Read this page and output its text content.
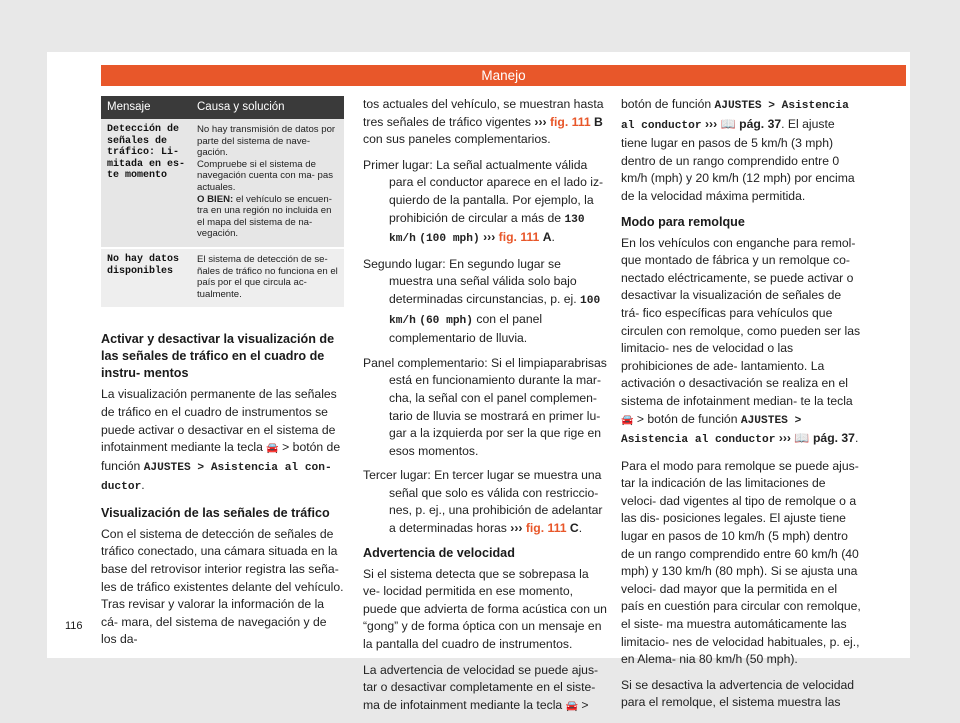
Manejo
Mensaje	Causa y solución
Detección de señales de tráfico: Li- mitada en es- te momento	No hay transmisión de datos por parte del sistema de nave- gación.
Compruebe si el sistema de navegación cuenta con ma- pas actuales.
O BIEN: el vehículo se encuen- tra en una región no incluida en el mapa del sistema de na- vegación.
No hay datos disponibles	El sistema de detección de se- ñales de tráfico no funciona en el país por el que circula ac- tualmente.
Activar y desactivar la visualización de las señales de tráfico en el cuadro de instru- mentos

La visualización permanente de las señales de tráfico en el cuadro de instrumentos se puede activar o desactivar en el sistema de infotainment mediante la tecla 🚘 > botón de función AJUSTES > Asistencia al con- ductor.

Visualización de las señales de tráfico

Con el sistema de detección de señales de tráfico conectado, una cámara situada en la base del retrovisor interior registra las seña- les de tráfico existentes delante del vehículo. Tras revisar y valorar la información de la cá- mara, del sistema de navegación y de los da-

tos actuales del vehículo, se muestran hasta tres señales de tráfico vigentes ››› fig. 111 B con sus paneles complementarios.

Primer lugar: La señal actualmente válida para el conductor aparece en el lado iz- quierdo de la pantalla. Por ejemplo, la prohibición de circular a más de 130 km/h (100 mph) ››› fig. 111 A.

Segundo lugar: En segundo lugar se muestra una señal válida solo bajo determinadas circunstancias, p. ej. 100 km/h (60 mph) con el panel complementario de lluvia.

Panel complementario: Si el limpiaparabrisas está en funcionamiento durante la mar- cha, la señal con el panel complemen- tario de lluvia se mostrará en primer lu- gar a la izquierda por ser la que rige en esos momentos.

Tercer lugar: En tercer lugar se muestra una señal que solo es válida con restriccio- nes, p. ej., una prohibición de adelantar a determinadas horas ››› fig. 111 C.

Advertencia de velocidad

Si el sistema detecta que se sobrepasa la ve- locidad permitida en ese momento, puede que advierta de forma acústica con un “gong” y de forma óptica con un mensaje en la pantalla del cuadro de instrumentos.

La advertencia de velocidad se puede ajus- tar o desactivar completamente en el siste- ma de infotainment mediante la tecla 🚘 >

botón de función AJUSTES > Asistencia al conductor ››› 📖 pág. 37. El ajuste tiene lugar en pasos de 5 km/h (3 mph) dentro de un rango comprendido entre 0 km/h (mph) y 20 km/h (12 mph) por encima de la velocidad máxima permitida.

Modo para remolque

En los vehículos con enganche para remol- que montado de fábrica y un remolque co- nectado eléctricamente, se puede activar o desactivar la visualización de señales de trá- fico específicas para vehículos que circulen con remolque, como pueden ser las limitacio- nes de velocidad o las prohibiciones de ade- lantamiento. La activación o desactivación se realiza en el sistema de infotainment median- te la tecla 🚘 > botón de función AJUSTES > Asistencia al conductor ››› 📖 pág. 37.

Para el modo para remolque se puede ajus- tar la indicación de las limitaciones de veloci- dad vigentes al tipo de remolque o a las dis- posiciones legales. El ajuste tiene lugar en pasos de 10 km/h (5 mph) dentro de un rango comprendido entre 60 km/h (40 mph) y 130 km/h (80 mph). Si se ajusta una veloci- dad mayor que la permitida en el país en cuestión para circular con remolque, el siste- ma muestra automáticamente las limitacio- nes de velocidad habituales, p. ej., en Alema- nia 80 km/h (50 mph).

Si se desactiva la advertencia de velocidad para el remolque, el sistema muestra las

116
